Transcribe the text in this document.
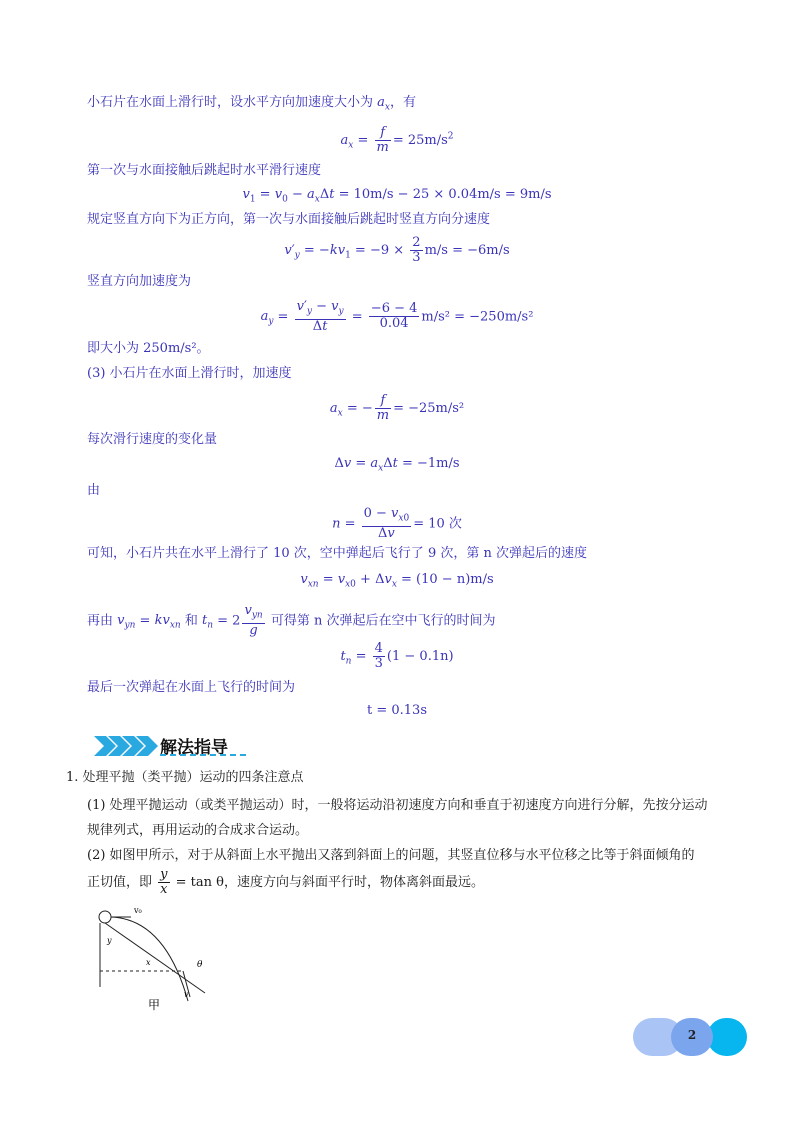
小石片在水面上滑行时，设水平方向加速度大小为 $a_x$，有
$a_x = \frac{f}{m} = 25m/s^2$
第一次与水面接触后跳起时水平滑行速度
$v_1 = v_0 - a_x\Delta t = 10m/s - 25 \times 0.04m/s = 9m/s$
规定竖直方向下为正方向，第一次与水面接触后跳起时竖直方向分速度
$v'_y = -kv_1 = -9 \times \frac{2}{3} m/s = -6m/s$
竖直方向加速度为
$a_y = \frac{v'_y - v_y}{\Delta t} = \frac{-6 - 4}{0.04} m/s^2 = -250m/s^2$
即大小为 250m/s²。
(3) 小石片在水面上滑行时，加速度
$a_x$ = − $\frac{f}{m} = -25m/s^2$
每次滑行速度的变化量
$\Delta v = a_x\Delta t = -1m/s$
由
$n = \frac{0 - v_{x0}}{\Delta v} = 10$ 次
可知，小石片共在水平上滑行了 10 次，空中弹起后飞行了 9 次，第 n 次弹起后的速度
$v_{xn} = v_{x0} + \Delta v_x = (10 - n)m/s$
再由 $v_{yn} = kv_{xn}$ 和 $t_n = 2 \frac{v_{yn}}{g}$ 可得第 n 次弹起后在空中飞行的时间为
$t_n = \frac{4}{3} (1 - 0.1n)$
最后一次弹起在水面上飞行的时间为
t = 0.13s
解法指导
1. 处理平抛（类平抛）运动的四条注意点
(1) 处理平抛运动（或类平抛运动）时，一般将运动沿初速度方向和垂直于初速度方向进行分解，先按分运动
规律列式，再用运动的合成求合运动。
(2) 如图甲所示，对于从斜面上水平抛出又落到斜面上的问题，其竖直位移与水平位移之比等于斜面倾角的
正切值，即 $\frac{y}{x} = \tan \theta$，速度方向与斜面平行时，物体离斜面最远。
v₀
y
x	θ
v
甲
2
